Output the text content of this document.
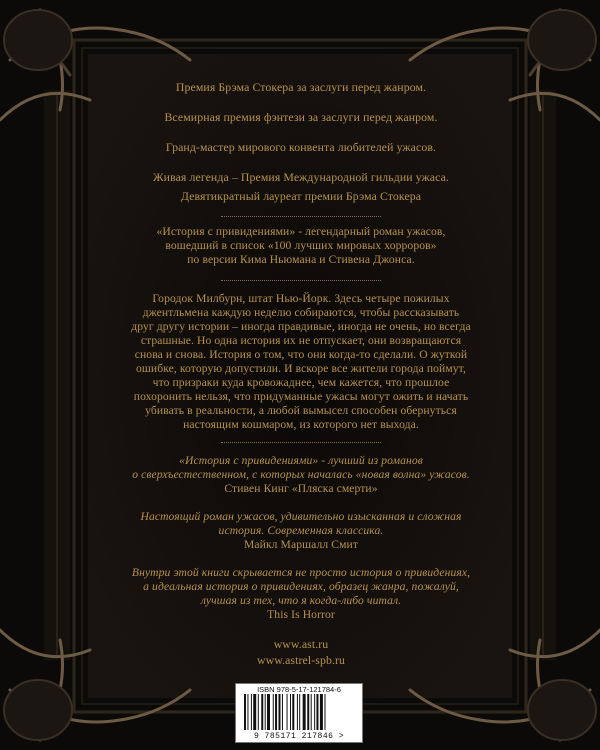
Премия Брэма Стокера за заслуги перед жанром.
Всемирная премия фэнтези за заслуги перед жанром.
Гранд-мастер мирового конвента любителей ужасов.
Живая легенда – Премия Международной гильдии ужаса.
Девятикратный лауреат премии Брэма Стокера
«История с привидениями» - легендарный роман ужасов,
вошедший в список «100 лучших мировых хорроров»
по версии Кима Ньюмана и Стивена Джонса.
Городок Милбурн, штат Нью-Йорк. Здесь четыре пожилых
джентльмена каждую неделю собираются, чтобы рассказывать
друг другу истории – иногда правдивые, иногда не очень, но всегда
страшные. Но одна история их не отпускает, они возвращаются
снова и снова. История о том, что они когда-то сделали. О жуткой
ошибке, которую допустили. И вскоре все жители города поймут,
что призраки куда кровожаднее, чем кажется, что прошлое
похоронить нельзя, что придуманные ужасы могут ожить и начать
убивать в реальности, а любой вымысел способен обернуться
настоящим кошмаром, из которого нет выхода.
«История с привидениями» - лучший из романов
о сверхъестественном, с которых началась «новая волна» ужасов.
Стивен Кинг «Пляска смерти»
Настоящий роман ужасов, удивительно изысканная и сложная
история. Современная классика.
Майкл Маршалл Смит
Внутри этой книги скрывается не просто история о привидениях,
а идеальная история о привидениях, образец жанра, пожалуй,
лучшая из тех, что я когда-либо читал.
This Is Horror
www.ast.ru
www.astrel-spb.ru
ISBN 978-5-17-121784-6
9 785171 217846 >
